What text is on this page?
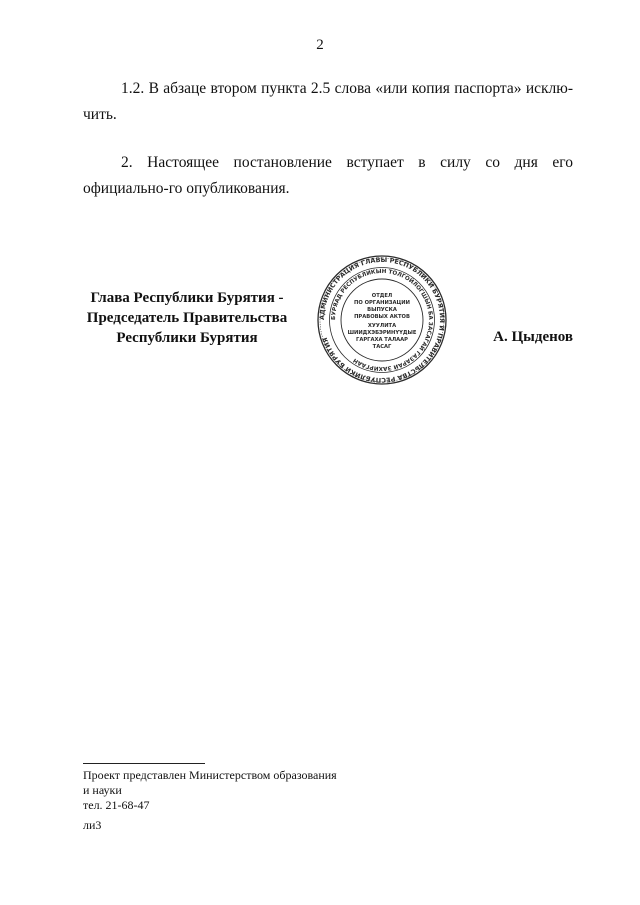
2

1.2. В абзаце втором пункта 2.5 слова «или копия паспорта» исклю-чить.

2. Настоящее постановление вступает в силу со дня его официально-го опубликования.

Глава Республики Бурятия -
Председатель Правительства
Республики Бурятия
АДМИНИСТРАЦИЯ ГЛАВЫ РЕСПУБЛИКИ БУРЯТИЯ И ПРАВИТЕЛЬСТВА РЕСПУБЛИКИ БУРЯТИЯ
БУРЯАД РЕСПУБЛИКЫН ТОЛГОЙЛОГШЫН БА ЗАСАГАЙ ГАЗАРАЙ ЗАХИРГААН
ОТДЕЛ
ПО ОРГАНИЗАЦИИ
ВЫПУСКА
ПРАВОВЫХ АКТОВ
ХУУЛИТА
ШИИДХЭБЭРИНҮҮДЫЕ
ГАРГАХА ТАЛААР
ТАСАГ
А. Цыденов
Проект представлен Министерством образования
и науки
тел. 21-68-47
ли3
